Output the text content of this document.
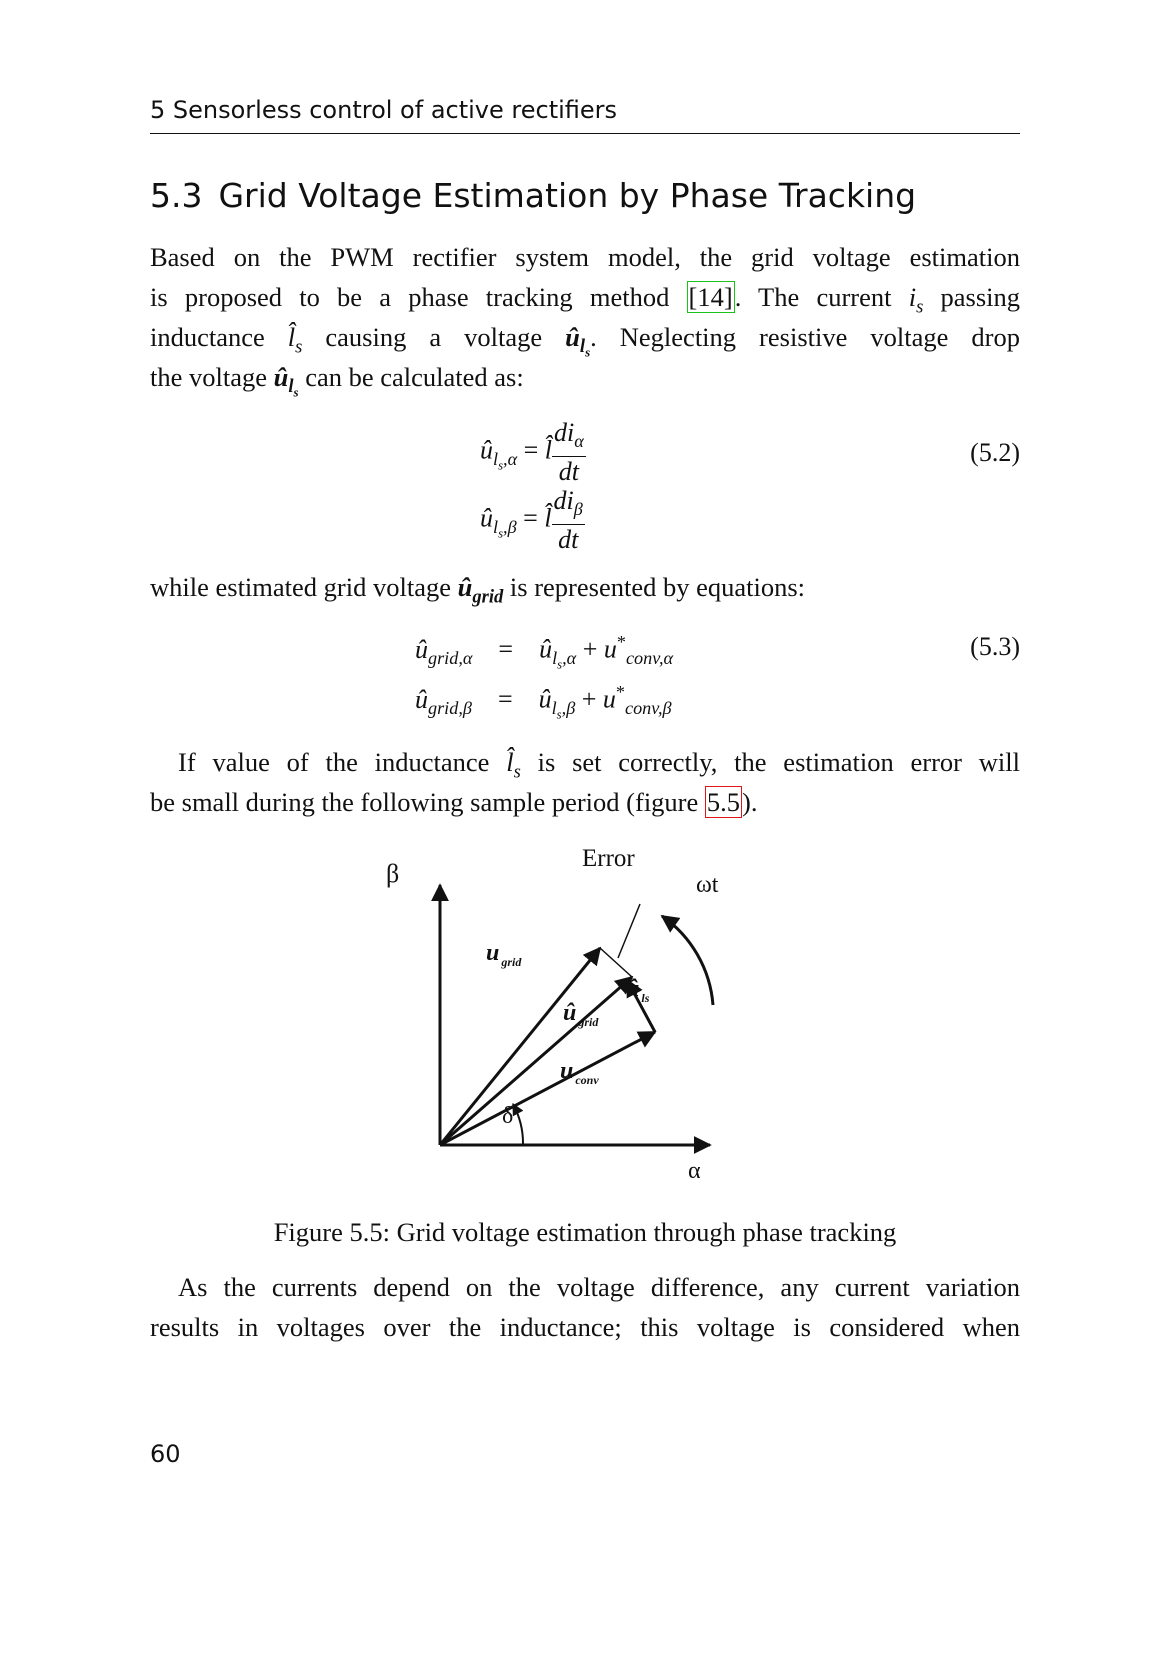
5 Sensorless control of active rectifiers
5.3 Grid Voltage Estimation by Phase Tracking
Based on the PWM rectifier system model, the grid voltage estimation
is proposed to be a phase tracking method [14]. The current $i_s$ passing
inductance $l̂_s$ causing a voltage $û_{l_s}$. Neglecting resistive voltage drop
the voltage $û_{l_s}$ can be calculated as:
$û_{l_s,\alpha}$ = l̂ $\frac{di_\alpha}{dt}$	(5.2)
$û_{l_s,\beta}$ = l̂ $\frac{di_\beta}{dt}$
while estimated grid voltage $û_{grid}$ is represented by equations:
$û_{grid,\alpha}$    =    $û_{l_s,\alpha} + u^*_{conv,\alpha}$	(5.3)
$û_{grid,\beta}$    =    $û_{l_s,\beta} + u^*_{conv,\beta}$
If value of the inductance $l̂_s$ is set correctly, the estimation error will
be small during the following sample period (figure 5.5).
β
α
Error
ωt
u $_{grid}$
û $_{grid}$
û $_{ls}$
u $_{conv}$
δ̂
Figure 5.5: Grid voltage estimation through phase tracking
As the currents depend on the voltage difference, any current variation
results in voltages over the inductance; this voltage is considered when
60
